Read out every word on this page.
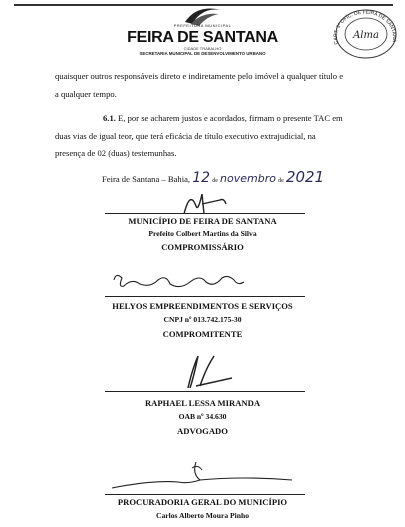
PREFEITURA MUNICIPAL
FEIRA DE SANTANA
CIDADE TRABALHO
SECRETARIA MUNICIPAL DE DESENVOLVIMENTO URBANO
CART. 3º OFÍC. DE FEIRA DE SANTANA
Alma

quaisquer outros responsáveis direto e indiretamente pelo imóvel a qualquer título e

a qualquer tempo.

6.1. E, por se acharem justos e acordados, firmam o presente TAC em

duas vias de igual teor, que terá eficácia de título executivo extrajudicial, na

presença de 02 (duas) testemunhas.

Feira de Santana – Bahia, 12 de novembro de 2021
MUNICÍPIO DE FEIRA DE SANTANA
Prefeito Colbert Martins da Silva
COMPROMISSÁRIO
HELYOS EMPREENDIMENTOS E SERVIÇOS
CNPJ nº 013.742.175-30
COMPROMITENTE
RAPHAEL LESSA MIRANDA
OAB nº 34.630
ADVOGADO
PROCURADORIA GERAL DO MUNICÍPIO
Carlos Alberto Moura Pinho
